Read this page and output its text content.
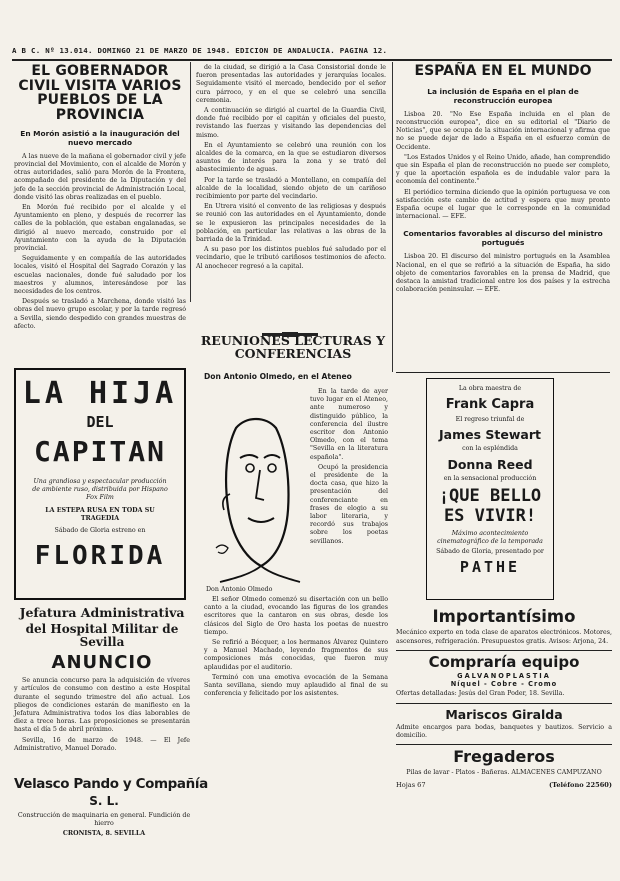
A B C. Nº 13.014. DOMINGO 21 DE MARZO DE 1948. EDICION DE ANDALUCIA. PAGINA 12.
EL GOBERNADOR CIVIL VISITA VARIOS PUEBLOS DE LA PROVINCIA
En Morón asistió a la inauguración del nuevo mercado

A las nueve de la mañana el gobernador civil y jefe provincial del Movimiento, con el alcalde de Morón y otras autoridades, salió para Morón de la Frontera, acompañado del presidente de la Diputación y del jefe de la sección provincial de Administración Local, donde visitó las obras realizadas en el pueblo.

En Morón fué recibido por el alcalde y el Ayuntamiento en pleno, y después de recorrer las calles de la población, que estaban engalanadas, se dirigió al nuevo mercado, construido por el Ayuntamiento con la ayuda de la Diputación provincial.

Seguidamente y en compañía de las autoridades locales, visitó el Hospital del Sagrado Corazón y las escuelas nacionales, donde fué saludado por los maestros y alumnos, interesándose por las necesidades de los centros.

Después se trasladó a Marchena, donde visitó las obras del nuevo grupo escolar, y por la tarde regresó a Sevilla, siendo despedido con grandes muestras de afecto.

de la ciudad, se dirigió a la Casa Consistorial donde le fueron presentadas las autoridades y jerarquías locales. Seguidamente visitó el mercado, bendecido por el señor cura párroco, y en el que se celebró una sencilla ceremonia.

A continuación se dirigió al cuartel de la Guardia Civil, donde fué recibido por el capitán y oficiales del puesto, revistando las fuerzas y visitando las dependencias del mismo.

En el Ayuntamiento se celebró una reunión con los alcaldes de la comarca, en la que se estudiaron diversos asuntos de interés para la zona y se trató del abastecimiento de aguas.

Por la tarde se trasladó a Montellano, en compañía del alcalde de la localidad, siendo objeto de un cariñoso recibimiento por parte del vecindario.

En Utrera visitó el convento de las religiosas y después se reunió con las autoridades en el Ayuntamiento, donde se le expusieron las principales necesidades de la población, en particular las relativas a las obras de la barriada de la Trinidad.

A su paso por los distintos pueblos fué saludado por el vecindario, que le tributó cariñosos testimonios de afecto. Al anochecer regresó a la capital.

REUNIONES LECTURAS Y CONFERENCIAS
ESPAÑA EN EL MUNDO
La inclusión de España en el plan de reconstrucción europea

Lisboa 20. "No Ese España incluida en el plan de reconstrucción europea", dice en su editorial el "Diario de Noticias", que se ocupa de la situación internacional y afirma que no se puede dejar de lado a España en el esfuerzo común de Occidente.

"Los Estados Unidos y el Reino Unido, añade, han comprendido que sin España el plan de reconstrucción no puede ser completo, y que la aportación española es de indudable valor para la economía del continente."

El periódico termina diciendo que la opinión portuguesa ve con satisfacción este cambio de actitud y espera que muy pronto España ocupe el lugar que le corresponde en la comunidad internacional. — EFE.

Comentarios favorables al discurso del ministro portugués

Lisboa 20. El discurso del ministro portugués en la Asamblea Nacional, en el que se refirió a la situación de España, ha sido objeto de comentarios favorables en la prensa de Madrid, que destaca la amistad tradicional entre los dos países y la estrecha colaboración peninsular. — EFE.

LA HIJA
DEL
CAPITAN
Una grandiosa y espectacular producción de ambiente ruso, distribuida por Hispano Fox Film
LA ESTEPA RUSA EN TODA SU TRAGEDIA
Sábado de Gloria estreno en
FLORIDA
Jefatura Administrativa
del Hospital Militar de Sevilla
ANUNCIO

Se anuncia concurso para la adquisición de víveres y artículos de consumo con destino a este Hospital durante el segundo trimestre del año actual. Los pliegos de condiciones estarán de manifiesto en la Jefatura Administrativa todos los días laborables de diez a trece horas. Las proposiciones se presentarán hasta el día 5 de abril próximo.

Sevilla, 16 de marzo de 1948. — El Jefe Administrativo, Manuel Dorado.

Velasco Pando y Compañía
S. L.
Construcción de maquinaria en general. Fundición de hierro
CRONISTA, 8. SEVILLA
Don Antonio Olmedo, en el Ateneo
Don Antonio Olmedo

En la tarde de ayer tuvo lugar en el Ateneo, ante numeroso y distinguido público, la conferencia del ilustre escritor don Antonio Olmedo, con el tema "Sevilla en la literatura española".

Ocupó la presidencia el presidente de la docta casa, que hizo la presentación del conferenciante en frases de elogio a su labor literaria, y recordó sus trabajos sobre los poetas sevillanos.

El señor Olmedo comenzó su disertación con un bello canto a la ciudad, evocando las figuras de los grandes escritores que la cantaron en sus obras, desde los clásicos del Siglo de Oro hasta los poetas de nuestro tiempo.

Se refirió a Bécquer, a los hermanos Álvarez Quintero y a Manuel Machado, leyendo fragmentos de sus composiciones más conocidas, que fueron muy aplaudidas por el auditorio.

Terminó con una emotiva evocación de la Semana Santa sevillana, siendo muy aplaudido al final de su conferencia y felicitado por los asistentes.

La obra maestra de
Frank Capra
El regreso triunfal de
James Stewart
con la espléndida
Donna Reed
en la sensacional producción
¡QUE BELLO
ES VIVIR!
Máximo acontecimiento cinematográfico de la temporada
Sábado de Gloria, presentado por
PATHE
Importantísimo
Mecánico experto en toda clase de aparatos electrónicos. Motores, ascensores, refrigeración. Presupuestos gratis. Avisos: Arjona, 24.
Compraría equipo
GALVANOPLASTIA
Níquel - Cobre - Cromo
Ofertas detalladas: Jesús del Gran Poder, 18. Sevilla.
Mariscos Giralda
Admite encargos para bodas, banquetes y bautizos. Servicio a domicilio.
Fregaderos
Pilas de lavar - Platos - Bañeras. ALMACENES CAMPUZANO
Hojas 67	(Teléfono 22560)
